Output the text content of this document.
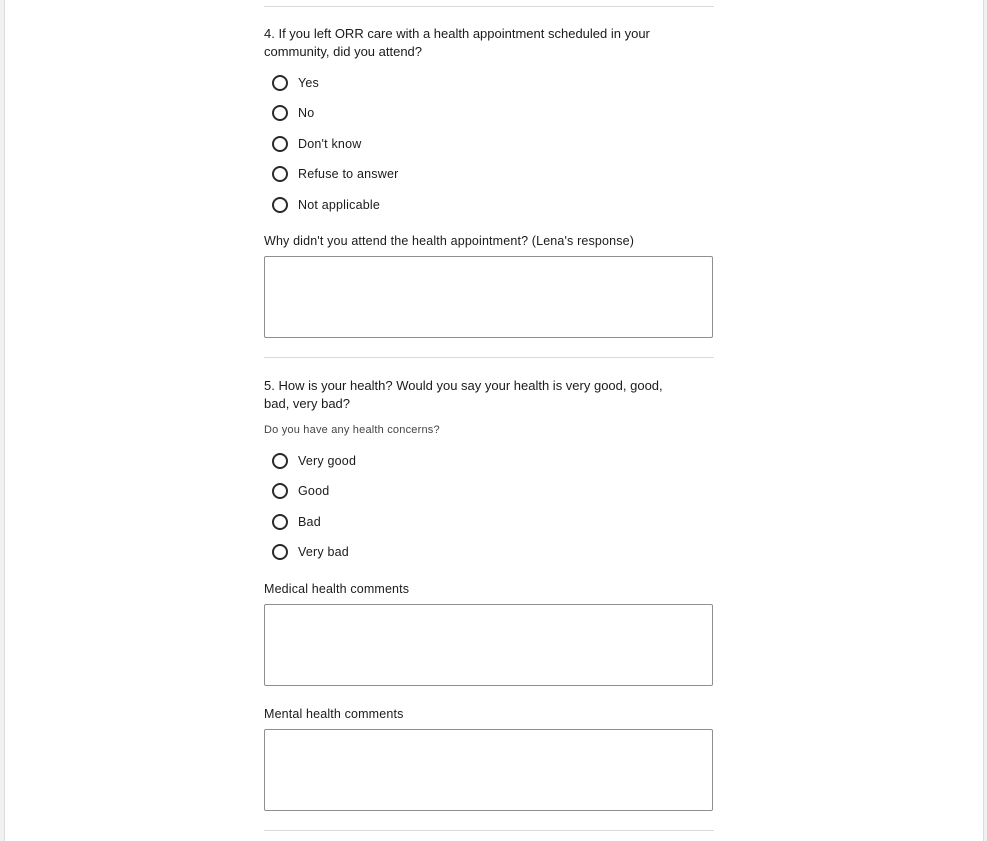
4. If you left ORR care with a health appointment scheduled in your community, did you attend?

Yes
No
Don't know
Refuse to answer
Not applicable
Why didn't you attend the health appointment? (Lena's response)

5. How is your health? Would you say your health is very good, good, bad, very bad?

Do you have any health concerns?
Very good
Good
Bad
Very bad
Medical health comments
Mental health comments
